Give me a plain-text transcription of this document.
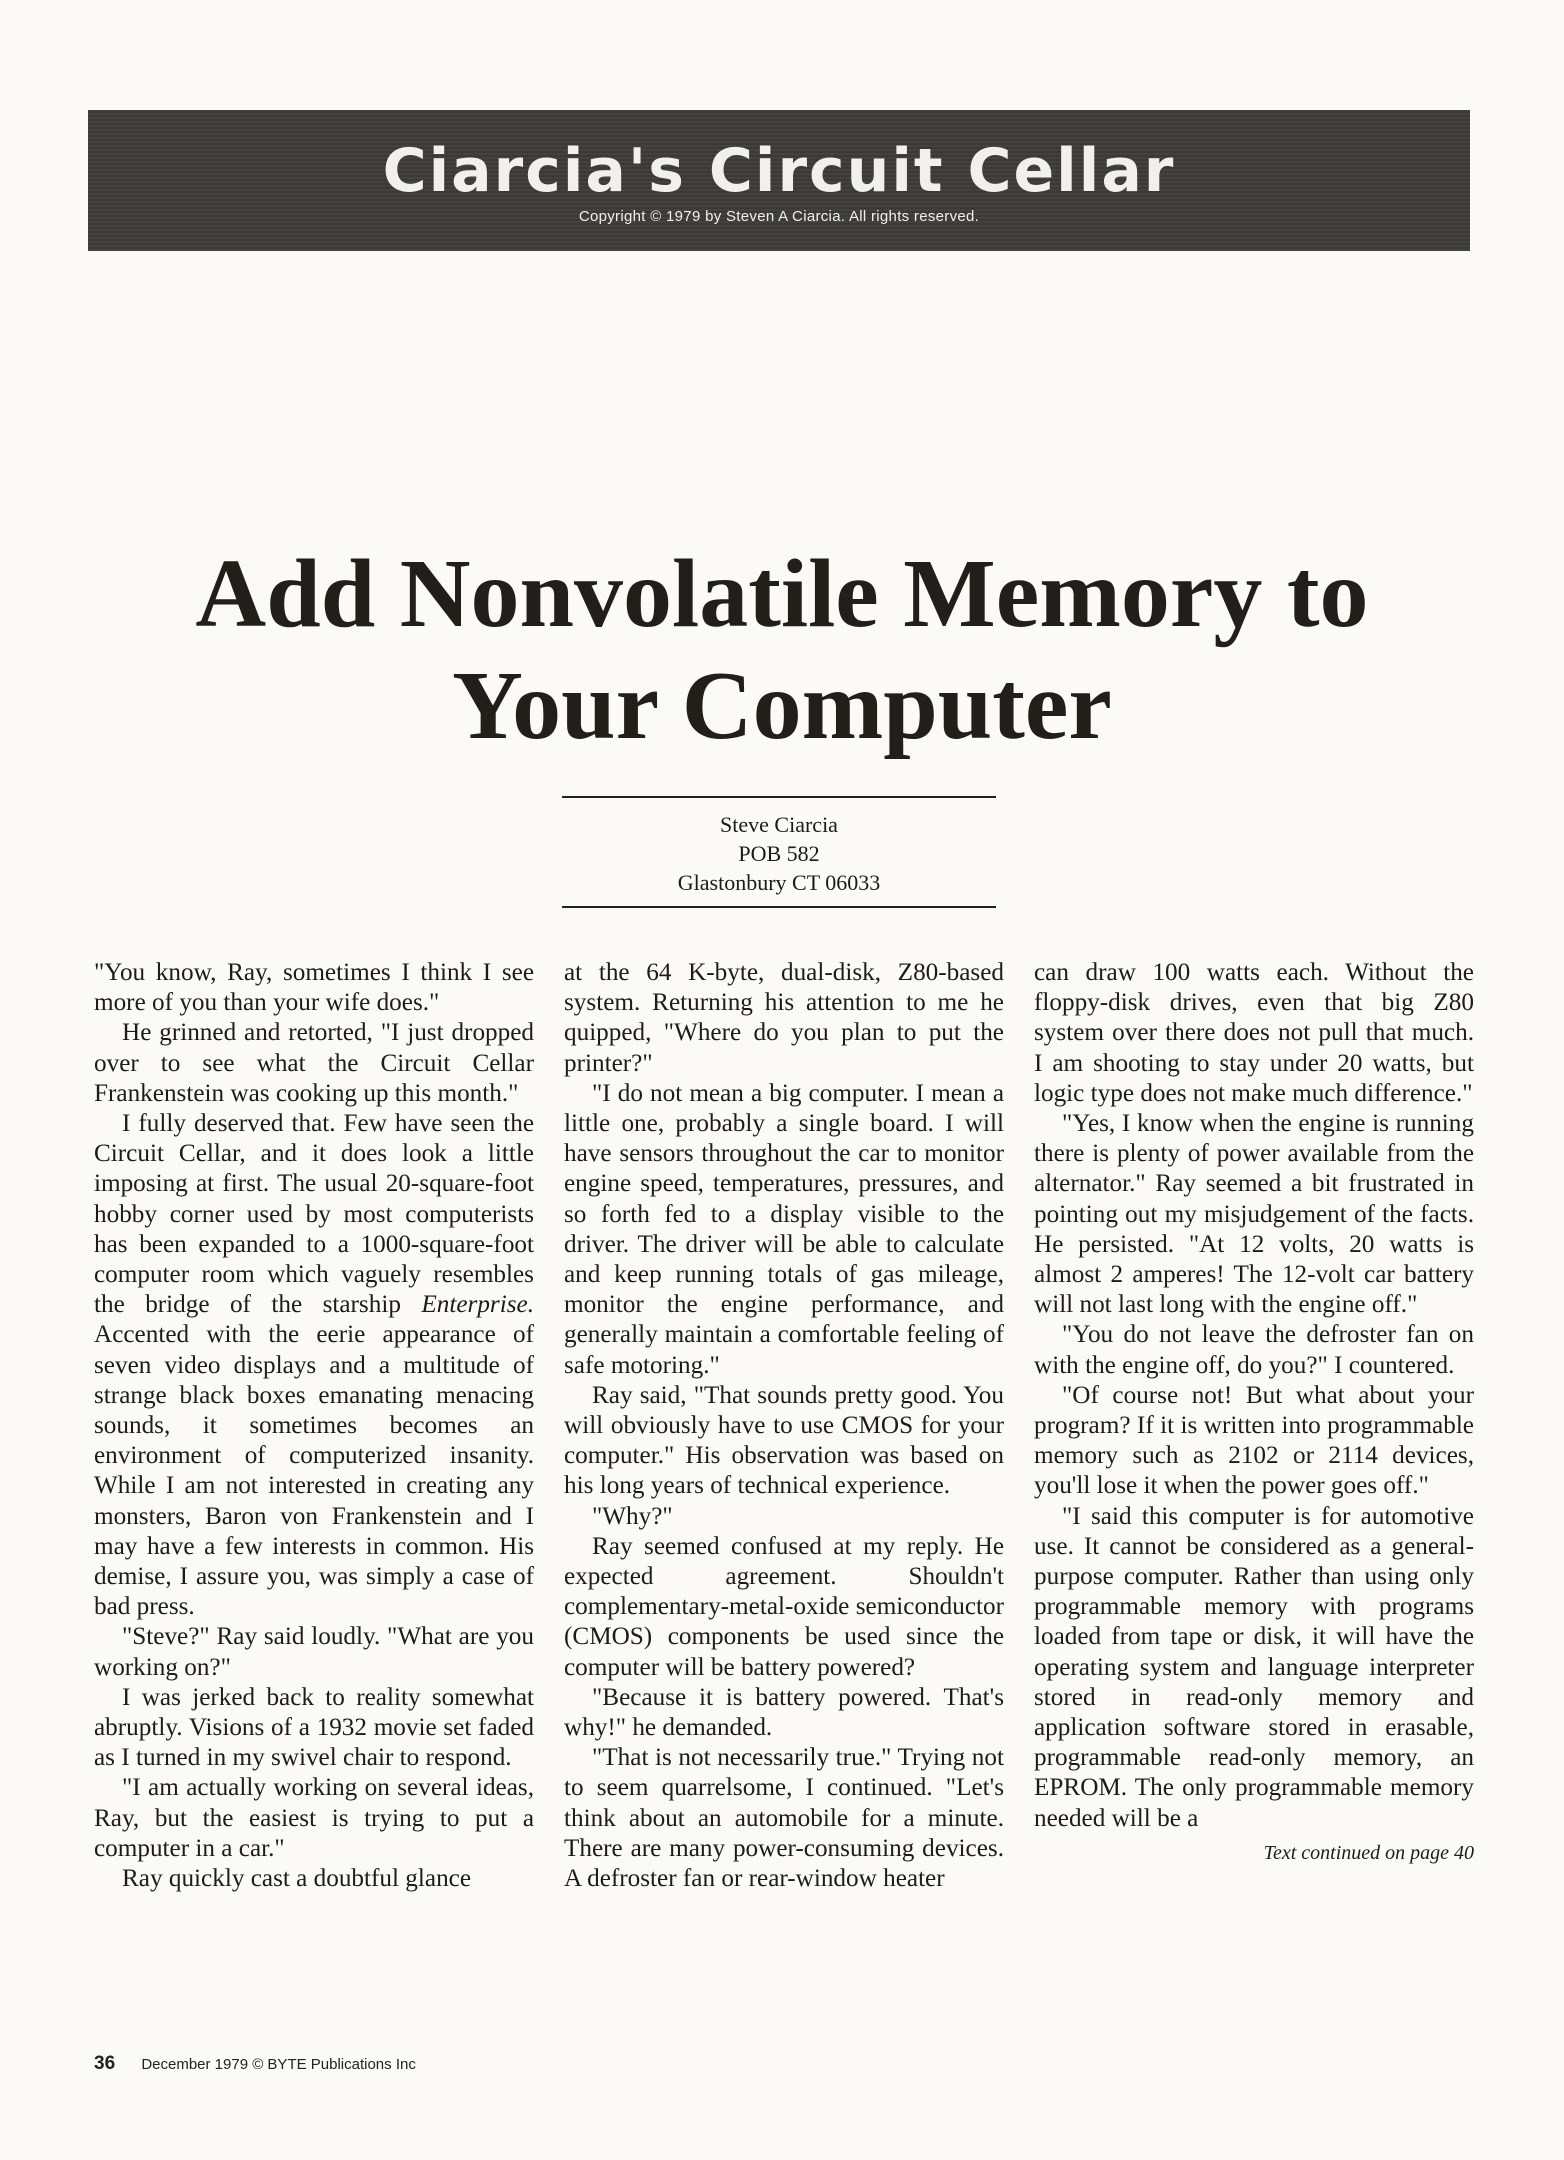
Ciarcia's Circuit Cellar
Copyright © 1979 by Steven A Ciarcia. All rights reserved.
Add Nonvolatile Memory to
Your Computer
Steve Ciarcia
POB 582
Glastonbury CT 06033

"You know, Ray, sometimes I think I see more of you than your wife does."

He grinned and retorted, "I just dropped over to see what the Circuit Cellar Frankenstein was cooking up this month."

I fully deserved that. Few have seen the Circuit Cellar, and it does look a little imposing at first. The usual 20-square-foot hobby corner used by most computerists has been expanded to a 1000-square-foot computer room which vaguely resembles the bridge of the starship Enterprise. Accented with the eerie appearance of seven video displays and a multitude of strange black boxes emanating menacing sounds, it sometimes becomes an environment of computerized insanity. While I am not interested in creating any monsters, Baron von Frankenstein and I may have a few interests in common. His demise, I assure you, was simply a case of bad press.

"Steve?" Ray said loudly. "What are you working on?"

I was jerked back to reality somewhat abruptly. Visions of a 1932 movie set faded as I turned in my swivel chair to respond.

"I am actually working on several ideas, Ray, but the easiest is trying to put a computer in a car."

Ray quickly cast a doubtful glance

at the 64 K-byte, dual-disk, Z80-based system. Returning his attention to me he quipped, "Where do you plan to put the printer?"

"I do not mean a big computer. I mean a little one, probably a single board. I will have sensors throughout the car to monitor engine speed, temperatures, pressures, and so forth fed to a display visible to the driver. The driver will be able to calculate and keep running totals of gas mileage, monitor the engine performance, and generally maintain a comfortable feeling of safe motoring."

Ray said, "That sounds pretty good. You will obviously have to use CMOS for your computer." His observation was based on his long years of technical experience.

"Why?"

Ray seemed confused at my reply. He expected agreement. Shouldn't complementary-metal-oxide semiconductor (CMOS) components be used since the computer will be battery powered?

"Because it is battery powered. That's why!" he demanded.

"That is not necessarily true." Trying not to seem quarrelsome, I continued. "Let's think about an automobile for a minute. There are many power-consuming devices. A defroster fan or rear-window heater

can draw 100 watts each. Without the floppy-disk drives, even that big Z80 system over there does not pull that much. I am shooting to stay under 20 watts, but logic type does not make much difference."

"Yes, I know when the engine is running there is plenty of power available from the alternator." Ray seemed a bit frustrated in pointing out my misjudgement of the facts. He persisted. "At 12 volts, 20 watts is almost 2 amperes! The 12-volt car battery will not last long with the engine off."

"You do not leave the defroster fan on with the engine off, do you?" I countered.

"Of course not! But what about your program? If it is written into programmable memory such as 2102 or 2114 devices, you'll lose it when the power goes off."

"I said this computer is for automotive use. It cannot be considered as a general-purpose computer. Rather than using only programmable memory with programs loaded from tape or disk, it will have the operating system and language interpreter stored in read-only memory and application software stored in erasable, programmable read-only memory, an EPROM. The only programmable memory needed will be a

Text continued on page 40

36 December 1979 © BYTE Publications Inc
